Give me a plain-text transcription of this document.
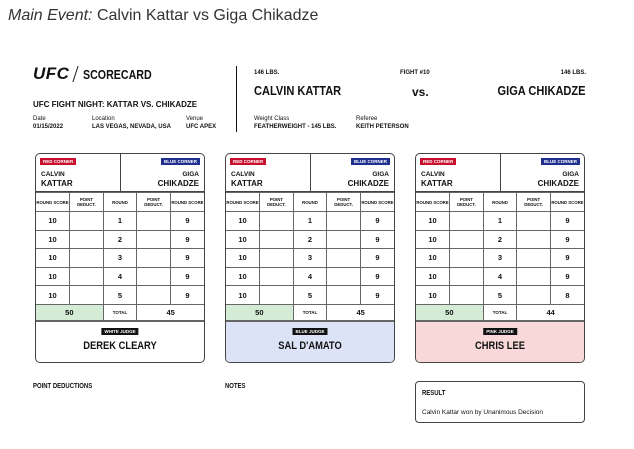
Main Event: Calvin Kattar vs Giga Chikadze
UFC SCORECARD
UFC FIGHT NIGHT: KATTAR VS. CHIKADZE
Date
01/15/2022
Location
LAS VEGAS, NEVADA, USA
Venue
UFC APEX
146 LBS.
CALVIN KATTAR
FIGHT #10
vs.
146 LBS.
GIGA CHIKADZE
Weight Class
FEATHERWEIGHT - 145 LBS.
Referee
KEITH PETERSON
RED CORNER	BLUE CORNER
CALVIN
KATTAR
GIGA
CHIKADZE
ROUND SCORE	POINT DEDUCT.	ROUND	POINT DEDUCT.	ROUND SCORE
10		1		9
10		2		9
10		3		9
10		4		9
10		5		9
50		TOTAL	45	
WHITE JUDGE
DEREK CLEARY
RED CORNER	BLUE CORNER
CALVIN
KATTAR
GIGA
CHIKADZE
ROUND SCORE	POINT DEDUCT.	ROUND	POINT DEDUCT.	ROUND SCORE
10		1		9
10		2		9
10		3		9
10		4		9
10		5		9
50		TOTAL	45	
BLUE JUDGE
SAL D'AMATO
RED CORNER	BLUE CORNER
CALVIN
KATTAR
GIGA
CHIKADZE
ROUND SCORE	POINT DEDUCT.	ROUND	POINT DEDUCT.	ROUND SCORE
10		1		9
10		2		9
10		3		9
10		4		9
10		5		8
50		TOTAL	44	
PINK JUDGE
CHRIS LEE
POINT DEDUCTIONS	NOTES
RESULT
Calvin Kattar won by Unanimous Decision
